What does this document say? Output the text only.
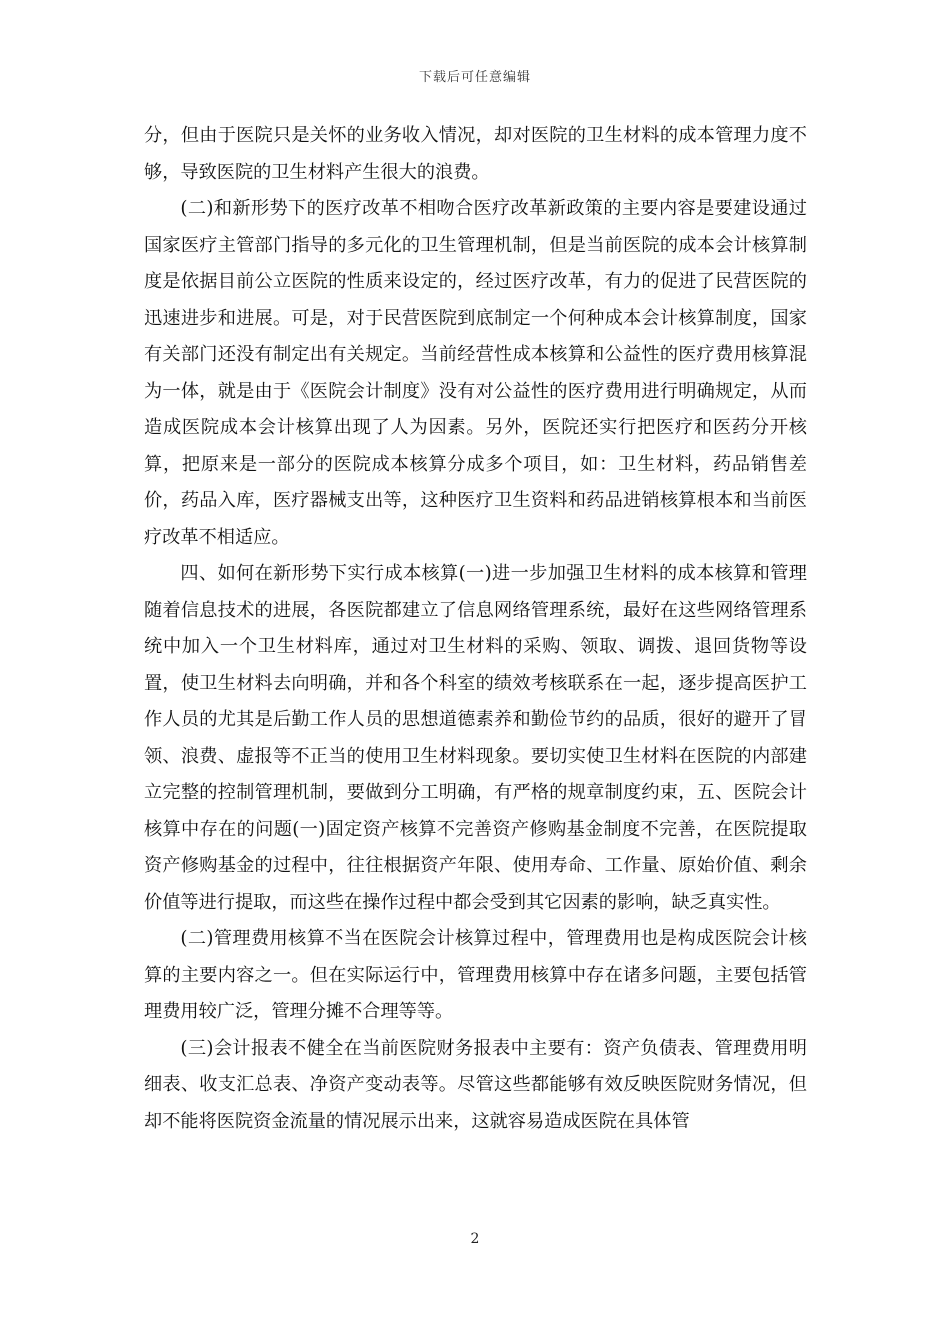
下载后可任意编辑

分，但由于医院只是关怀的业务收入情况，却对医院的卫生材料的成本管理力度不够，导致医院的卫生材料产生很大的浪费。

(二)和新形势下的医疗改革不相吻合医疗改革新政策的主要内容是要建设通过国家医疗主管部门指导的多元化的卫生管理机制，但是当前医院的成本会计核算制度是依据目前公立医院的性质来设定的，经过医疗改革，有力的促进了民营医院的迅速进步和进展。可是，对于民营医院到底制定一个何种成本会计核算制度，国家有关部门还没有制定出有关规定。当前经营性成本核算和公益性的医疗费用核算混为一体，就是由于《医院会计制度》没有对公益性的医疗费用进行明确规定，从而造成医院成本会计核算出现了人为因素。另外，医院还实行把医疗和医药分开核算，把原来是一部分的医院成本核算分成多个项目，如：卫生材料，药品销售差价，药品入库，医疗器械支出等，这种医疗卫生资料和药品进销核算根本和当前医疗改革不相适应。

四、如何在新形势下实行成本核算(一)进一步加强卫生材料的成本核算和管理随着信息技术的进展，各医院都建立了信息网络管理系统，最好在这些网络管理系统中加入一个卫生材料库，通过对卫生材料的采购、领取、调拨、退回货物等设置，使卫生材料去向明确，并和各个科室的绩效考核联系在一起，逐步提高医护工作人员的尤其是后勤工作人员的思想道德素养和勤俭节约的品质，很好的避开了冒领、浪费、虚报等不正当的使用卫生材料现象。要切实使卫生材料在医院的内部建立完整的控制管理机制，要做到分工明确，有严格的规章制度约束，五、医院会计核算中存在的问题(一)固定资产核算不完善资产修购基金制度不完善，在医院提取资产修购基金的过程中，往往根据资产年限、使用寿命、工作量、原始价值、剩余价值等进行提取，而这些在操作过程中都会受到其它因素的影响，缺乏真实性。

(二)管理费用核算不当在医院会计核算过程中，管理费用也是构成医院会计核算的主要内容之一。但在实际运行中，管理费用核算中存在诸多问题，主要包括管理费用较广泛，管理分摊不合理等等。

(三)会计报表不健全在当前医院财务报表中主要有：资产负债表、管理费用明细表、收支汇总表、净资产变动表等。尽管这些都能够有效反映医院财务情况，但却不能将医院资金流量的情况展示出来，这就容易造成医院在具体管

2
